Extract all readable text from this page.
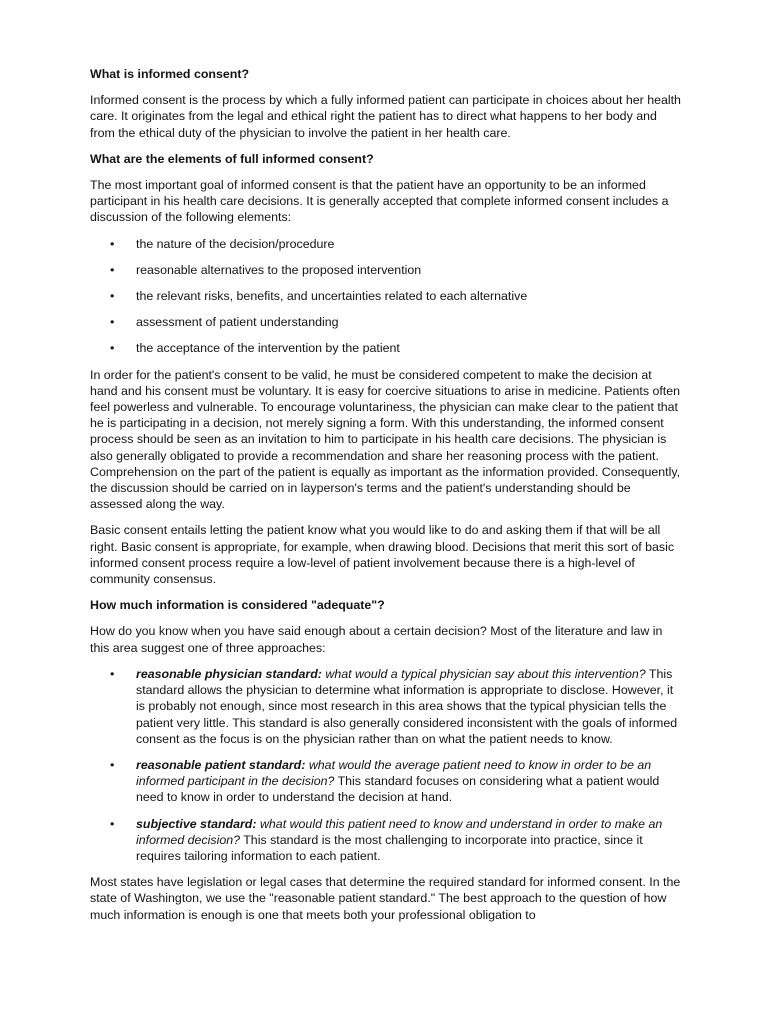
What is informed consent?
Informed consent is the process by which a fully informed patient can participate in choices about her health care. It originates from the legal and ethical right the patient has to direct what happens to her body and from the ethical duty of the physician to involve the patient in her health care.
What are the elements of full informed consent?
The most important goal of informed consent is that the patient have an opportunity to be an informed participant in his health care decisions. It is generally accepted that complete informed consent includes a discussion of the following elements:
• the nature of the decision/procedure
• reasonable alternatives to the proposed intervention
• the relevant risks, benefits, and uncertainties related to each alternative
• assessment of patient understanding
• the acceptance of the intervention by the patient
In order for the patient's consent to be valid, he must be considered competent to make the decision at hand and his consent must be voluntary. It is easy for coercive situations to arise in medicine. Patients often feel powerless and vulnerable. To encourage voluntariness, the physician can make clear to the patient that he is participating in a decision, not merely signing a form. With this understanding, the informed consent process should be seen as an invitation to him to participate in his health care decisions. The physician is also generally obligated to provide a recommendation and share her reasoning process with the patient. Comprehension on the part of the patient is equally as important as the information provided. Consequently, the discussion should be carried on in layperson's terms and the patient's understanding should be assessed along the way.
Basic consent entails letting the patient know what you would like to do and asking them if that will be all right. Basic consent is appropriate, for example, when drawing blood. Decisions that merit this sort of basic informed consent process require a low-level of patient involvement because there is a high-level of community consensus.
How much information is considered "adequate"?
How do you know when you have said enough about a certain decision? Most of the literature and law in this area suggest one of three approaches:
• reasonable physician standard: what would a typical physician say about this intervention? This standard allows the physician to determine what information is appropriate to disclose. However, it is probably not enough, since most research in this area shows that the typical physician tells the patient very little. This standard is also generally considered inconsistent with the goals of informed consent as the focus is on the physician rather than on what the patient needs to know.
• reasonable patient standard: what would the average patient need to know in order to be an informed participant in the decision? This standard focuses on considering what a patient would need to know in order to understand the decision at hand.
• subjective standard: what would this patient need to know and understand in order to make an informed decision? This standard is the most challenging to incorporate into practice, since it requires tailoring information to each patient.
Most states have legislation or legal cases that determine the required standard for informed consent. In the state of Washington, we use the "reasonable patient standard." The best approach to the question of how much information is enough is one that meets both your professional obligation to
